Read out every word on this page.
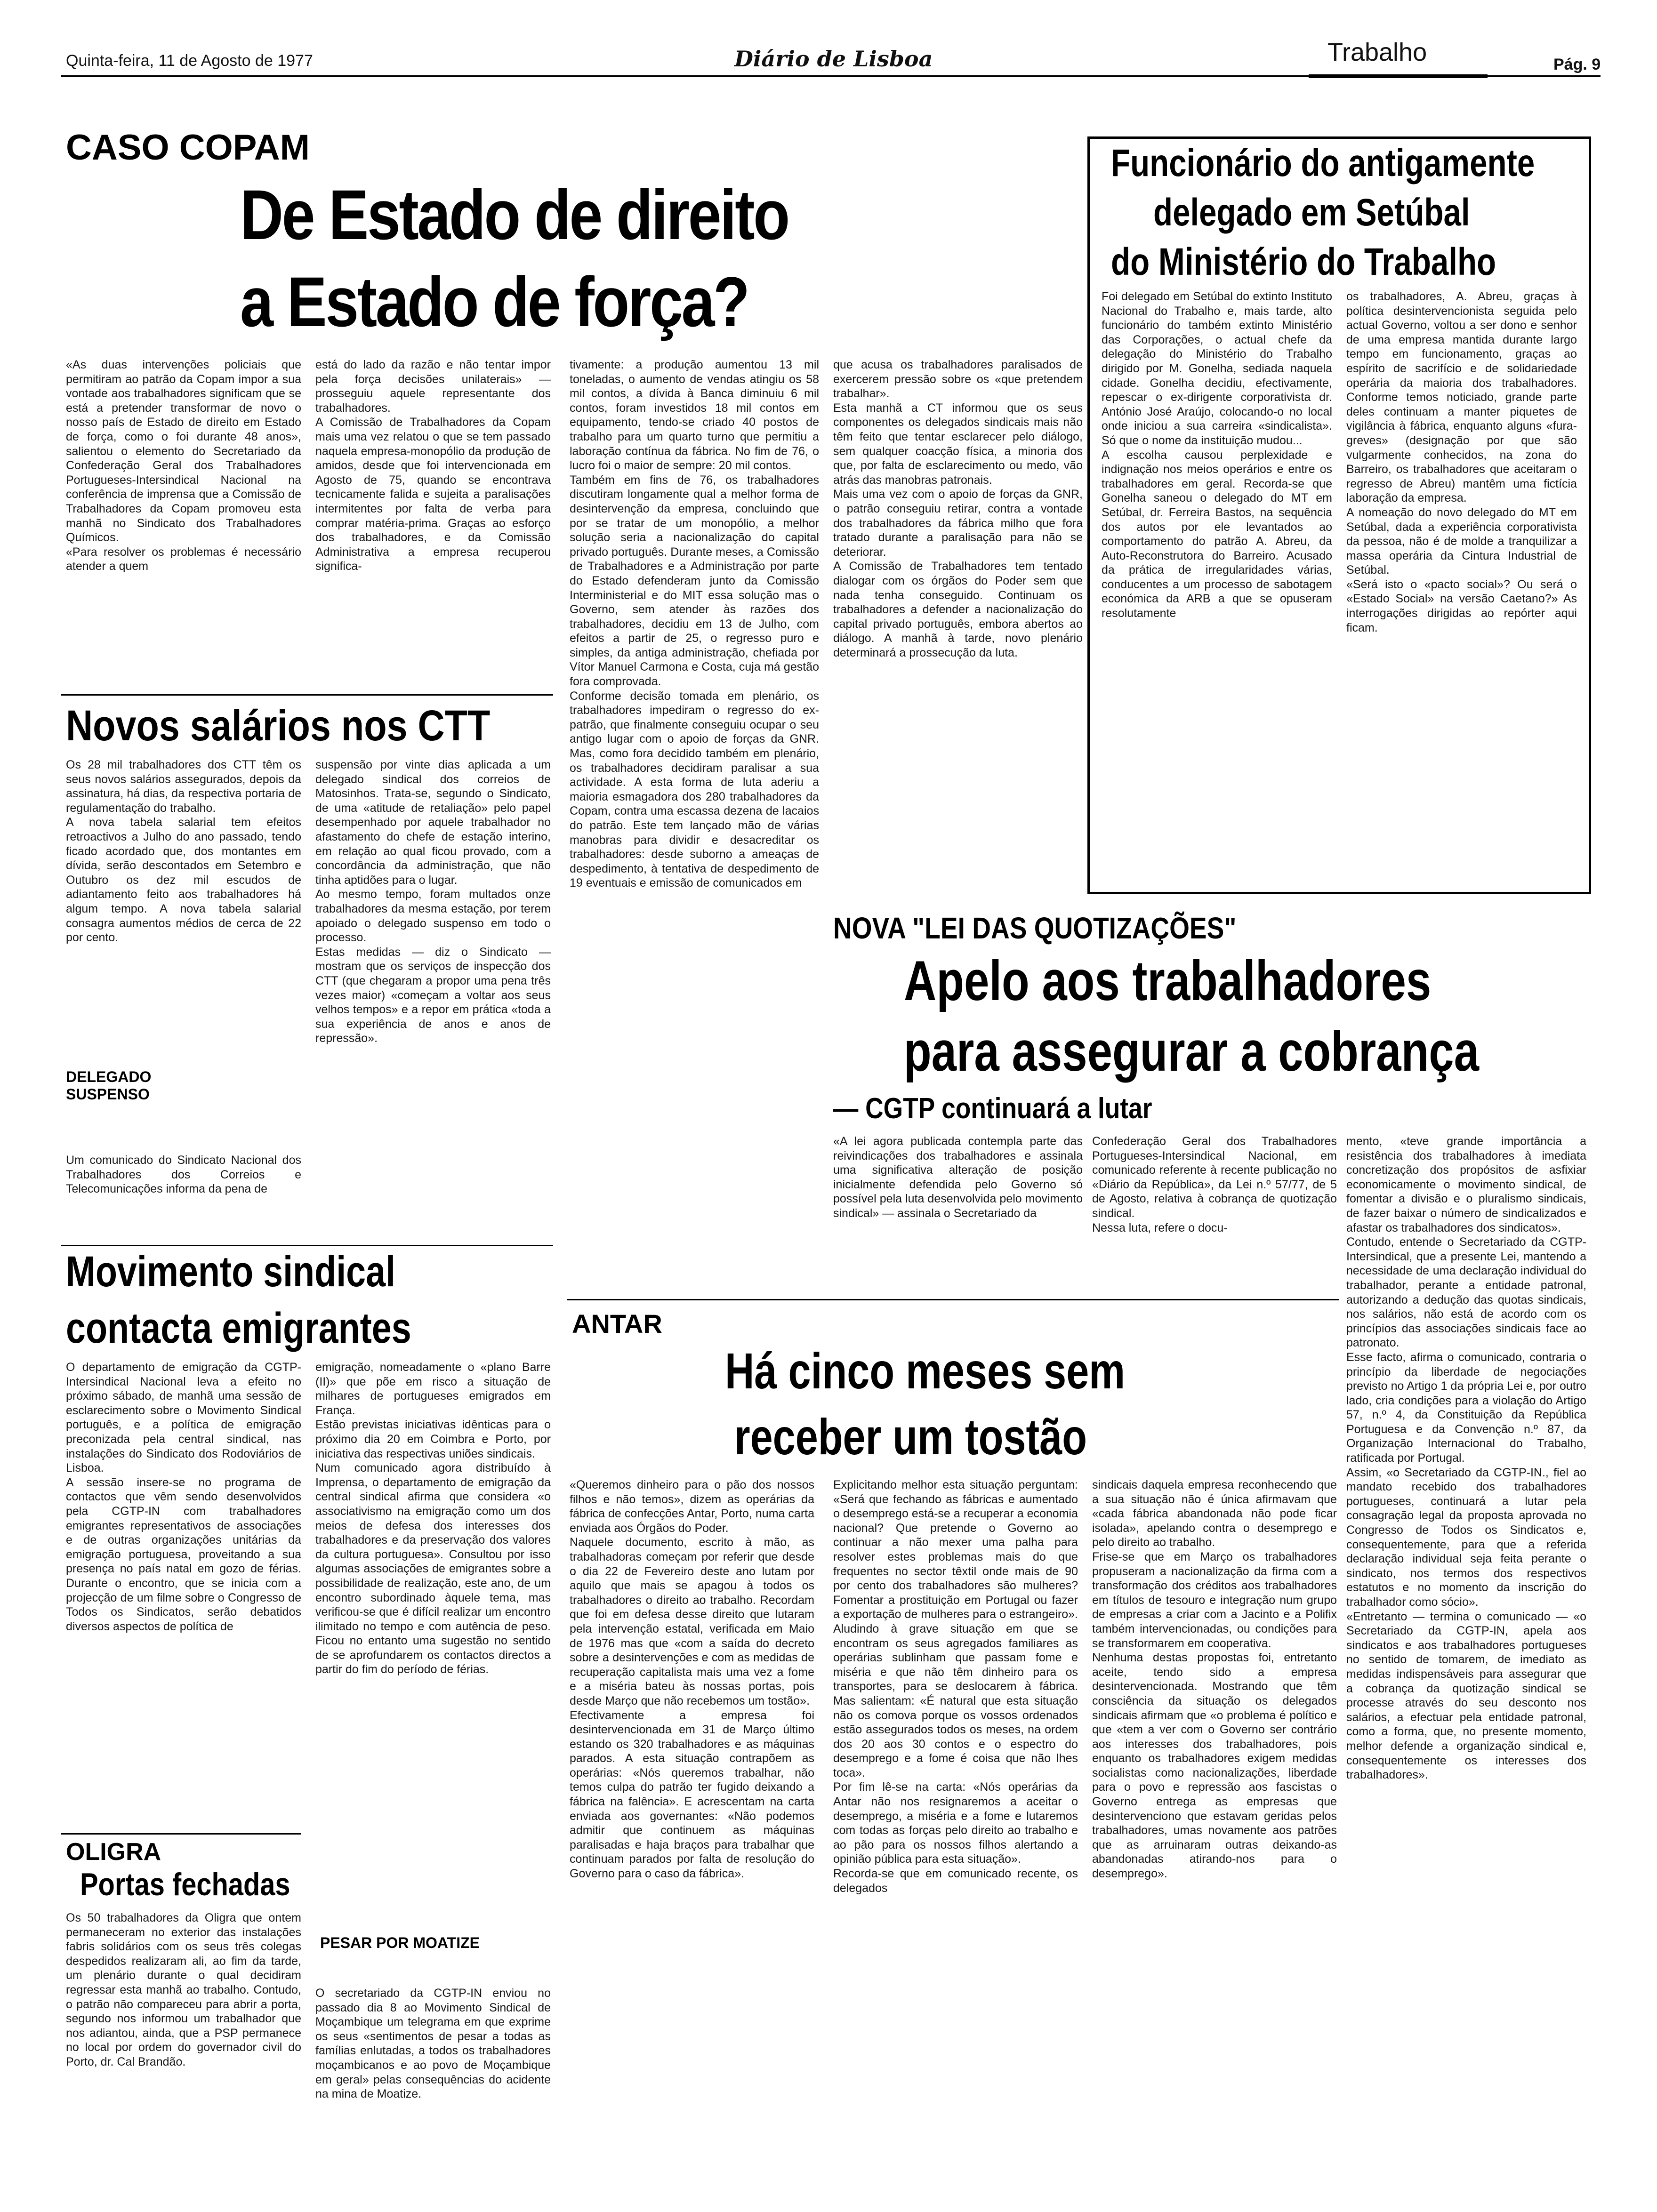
Quinta-feira, 11 de Agosto de 1977	Diário de Lisboa	Trabalho	Pág. 9
CASO COPAM
De Estado de direito
a Estado de força?
«As duas intervenções policiais que permitiram ao patrão da Copam impor a sua vontade aos trabalhadores significam que se está a pretender transformar de novo o nosso país de Estado de direito em Estado de força, como o foi durante 48 anos», salientou o elemento do Secretariado da Confederação Geral dos Trabalhadores Portugueses-Intersindical Nacional na conferência de imprensa que a Comissão de Trabalhadores da Copam promoveu esta manhã no Sindicato dos Trabalhadores Químicos.
«Para resolver os problemas é necessário atender a quem
está do lado da razão e não tentar impor pela força decisões unilaterais» — prosseguiu aquele representante dos trabalhadores.
A Comissão de Trabalhadores da Copam mais uma vez relatou o que se tem passado naquela empresa-monopólio da produção de amidos, desde que foi intervencionada em Agosto de 75, quando se encontrava tecnicamente falida e sujeita a paralisações intermitentes por falta de verba para comprar matéria-prima. Graças ao esforço dos trabalhadores, e da Comissão Administrativa a empresa recuperou significa-
tivamente: a produção aumentou 13 mil toneladas, o aumento de vendas atingiu os 58 mil contos, a dívida à Banca diminuiu 6 mil contos, foram investidos 18 mil contos em equipamento, tendo-se criado 40 postos de trabalho para um quarto turno que permitiu a laboração contínua da fábrica. No fim de 76, o lucro foi o maior de sempre: 20 mil contos.
Também em fins de 76, os trabalhadores discutiram longamente qual a melhor forma de desintervenção da empresa, concluindo que por se tratar de um monopólio, a melhor solução seria a nacionalização do capital privado português. Durante meses, a Comissão de Trabalhadores e a Administração por parte do Estado defenderam junto da Comissão Interministerial e do MIT essa solução mas o Governo, sem atender às razões dos trabalhadores, decidiu em 13 de Julho, com efeitos a partir de 25, o regresso puro e simples, da antiga administração, chefiada por Vítor Manuel Carmona e Costa, cuja má gestão fora comprovada.
Conforme decisão tomada em plenário, os trabalhadores impediram o regresso do ex-patrão, que finalmente conseguiu ocupar o seu antigo lugar com o apoio de forças da GNR. Mas, como fora decidido também em plenário, os trabalhadores decidiram paralisar a sua actividade. A esta forma de luta aderiu a maioria esmagadora dos 280 trabalhadores da Copam, contra uma escassa dezena de lacaios do patrão. Este tem lançado mão de várias manobras para dividir e desacreditar os trabalhadores: desde suborno a ameaças de despedimento, à tentativa de despedimento de 19 eventuais e emissão de comunicados em
que acusa os trabalhadores paralisados de exercerem pressão sobre os «que pretendem trabalhar».
Esta manhã a CT informou que os seus componentes os delegados sindicais mais não têm feito que tentar esclarecer pelo diálogo, sem qualquer coacção física, a minoria dos que, por falta de esclarecimento ou medo, vão atrás das manobras patronais.
Mais uma vez com o apoio de forças da GNR, o patrão conseguiu retirar, contra a vontade dos trabalhadores da fábrica milho que fora tratado durante a paralisação para não se deteriorar.
A Comissão de Trabalhadores tem tentado dialogar com os órgãos do Poder sem que nada tenha conseguido. Continuam os trabalhadores a defender a nacionalização do capital privado português, embora abertos ao diálogo. A manhã à tarde, novo plenário determinará a prossecução da luta.
Funcionário do antigamente
delegado em Setúbal
do Ministério do Trabalho
Foi delegado em Setúbal do extinto Instituto Nacional do Trabalho e, mais tarde, alto funcionário do também extinto Ministério das Corporações, o actual chefe da delegação do Ministério do Trabalho dirigido por M. Gonelha, sediada naquela cidade. Gonelha decidiu, efectivamente, repescar o ex-dirigente corporativista dr. António José Araújo, colocando-o no local onde iniciou a sua carreira «sindicalista». Só que o nome da instituição mudou...
A escolha causou perplexidade e indignação nos meios operários e entre os trabalhadores em geral. Recorda-se que Gonelha saneou o delegado do MT em Setúbal, dr. Ferreira Bastos, na sequência dos autos por ele levantados ao comportamento do patrão A. Abreu, da Auto-Reconstrutora do Barreiro. Acusado da prática de irregularidades várias, conducentes a um processo de sabotagem económica da ARB a que se opuseram resolutamente
os trabalhadores, A. Abreu, graças à política desintervencionista seguida pelo actual Governo, voltou a ser dono e senhor de uma empresa mantida durante largo tempo em funcionamento, graças ao espírito de sacrifício e de solidariedade operária da maioria dos trabalhadores. Conforme temos noticiado, grande parte deles continuam a manter piquetes de vigilância à fábrica, enquanto alguns «fura-greves» (designação por que são vulgarmente conhecidos, na zona do Barreiro, os trabalhadores que aceitaram o regresso de Abreu) mantêm uma fictícia laboração da empresa.
A nomeação do novo delegado do MT em Setúbal, dada a experiência corporativista da pessoa, não é de molde a tranquilizar a massa operária da Cintura Industrial de Setúbal.
«Será isto o «pacto social»? Ou será o «Estado Social» na versão Caetano?» As interrogações dirigidas ao repórter aqui ficam.
Novos salários nos CTT
Os 28 mil trabalhadores dos CTT têm os seus novos salários assegurados, depois da assinatura, há dias, da respectiva portaria de regulamentação do trabalho.
A nova tabela salarial tem efeitos retroactivos a Julho do ano passado, tendo ficado acordado que, dos montantes em dívida, serão descontados em Setembro e Outubro os dez mil escudos de adiantamento feito aos trabalhadores há algum tempo. A nova tabela salarial consagra aumentos médios de cerca de 22 por cento.
DELEGADO
SUSPENSO
Um comunicado do Sindicato Nacional dos Trabalhadores dos Correios e Telecomunicações informa da pena de
suspensão por vinte dias aplicada a um delegado sindical dos correios de Matosinhos. Trata-se, segundo o Sindicato, de uma «atitude de retaliação» pelo papel desempenhado por aquele trabalhador no afastamento do chefe de estação interino, em relação ao qual ficou provado, com a concordância da administração, que não tinha aptidões para o lugar.
Ao mesmo tempo, foram multados onze trabalhadores da mesma estação, por terem apoiado o delegado suspenso em todo o processo.
Estas medidas — diz o Sindicato — mostram que os serviços de inspecção dos CTT (que chegaram a propor uma pena três vezes maior) «começam a voltar aos seus velhos tempos» e a repor em prática «toda a sua experiência de anos e anos de repressão».
NOVA "LEI DAS QUOTIZAÇÕES"
Apelo aos trabalhadores
para assegurar a cobrança
— CGTP continuará a lutar
«A lei agora publicada contempla parte das reivindicações dos trabalhadores e assinala uma significativa alteração de posição inicialmente defendida pelo Governo só possível pela luta desenvolvida pelo movimento sindical» — assinala o Secretariado da
Confederação Geral dos Trabalhadores Portugueses-Intersindical Nacional, em comunicado referente à recente publicação no «Diário da República», da Lei n.º 57/77, de 5 de Agosto, relativa à cobrança de quotização sindical.
Nessa luta, refere o docu-
mento, «teve grande importância a resistência dos trabalhadores à imediata concretização dos propósitos de asfixiar economicamente o movimento sindical, de fomentar a divisão e o pluralismo sindicais, de fazer baixar o número de sindicalizados e afastar os trabalhadores dos sindicatos».
Contudo, entende o Secretariado da CGTP-Intersindical, que a presente Lei, mantendo a necessidade de uma declaração individual do trabalhador, perante a entidade patronal, autorizando a dedução das quotas sindicais, nos salários, não está de acordo com os princípios das associações sindicais face ao patronato.
Esse facto, afirma o comunicado, contraria o princípio da liberdade de negociações previsto no Artigo 1 da própria Lei e, por outro lado, cria condições para a violação do Artigo 57, n.º 4, da Constituição da República Portuguesa e da Convenção n.º 87, da Organização Internacional do Trabalho, ratificada por Portugal.
Assim, «o Secretariado da CGTP-IN., fiel ao mandato recebido dos trabalhadores portugueses, continuará a lutar pela consagração legal da proposta aprovada no Congresso de Todos os Sindicatos e, consequentemente, para que a referida declaração individual seja feita perante o sindicato, nos termos dos respectivos estatutos e no momento da inscrição do trabalhador como sócio».
«Entretanto — termina o comunicado — «o Secretariado da CGTP-IN, apela aos sindicatos e aos trabalhadores portugueses no sentido de tomarem, de imediato as medidas indispensáveis para assegurar que a cobrança da quotização sindical se processe através do seu desconto nos salários, a efectuar pela entidade patronal, como a forma, que, no presente momento, melhor defende a organização sindical e, consequentemente os interesses dos trabalhadores».
Movimento sindical
contacta emigrantes
O departamento de emigração da CGTP-Intersindical Nacional leva a efeito no próximo sábado, de manhã uma sessão de esclarecimento sobre o Movimento Sindical português, e a política de emigração preconizada pela central sindical, nas instalações do Sindicato dos Rodoviários de Lisboa.
A sessão insere-se no programa de contactos que vêm sendo desenvolvidos pela CGTP-IN com trabalhadores emigrantes representativos de associações e de outras organizações unitárias da emigração portuguesa, proveitando a sua presença no país natal em gozo de férias. Durante o encontro, que se inicia com a projecção de um filme sobre o Congresso de Todos os Sindicatos, serão debatidos diversos aspectos de política de
emigração, nomeadamente o «plano Barre (II)» que põe em risco a situação de milhares de portugueses emigrados em França.
Estão previstas iniciativas idênticas para o próximo dia 20 em Coimbra e Porto, por iniciativa das respectivas uniões sindicais.
Num comunicado agora distribuído à Imprensa, o departamento de emigração da central sindical afirma que considera «o associativismo na emigração como um dos meios de defesa dos interesses dos trabalhadores e da preservação dos valores da cultura portuguesa». Consultou por isso algumas associações de emigrantes sobre a possibilidade de realização, este ano, de um encontro subordinado àquele tema, mas verificou-se que é difícil realizar um encontro ilimitado no tempo e com autência de peso. Ficou no entanto uma sugestão no sentido de se aprofundarem os contactos directos a partir do fim do período de férias.
OLIGRA
Portas fechadas
Os 50 trabalhadores da Oligra que ontem permaneceram no exterior das instalações fabris solidários com os seus três colegas despedidos realizaram ali, ao fim da tarde, um plenário durante o qual decidiram regressar esta manhã ao trabalho. Contudo, o patrão não compareceu para abrir a porta, segundo nos informou um trabalhador que nos adiantou, ainda, que a PSP permanece no local por ordem do governador civil do Porto, dr. Cal Brandão.
PESAR POR MOATIZE
O secretariado da CGTP-IN enviou no passado dia 8 ao Movimento Sindical de Moçambique um telegrama em que exprime os seus «sentimentos de pesar a todas as famílias enlutadas, a todos os trabalhadores moçambicanos e ao povo de Moçambique em geral» pelas consequências do acidente na mina de Moatize.
ANTAR
Há cinco meses sem
receber um tostão
«Queremos dinheiro para o pão dos nossos filhos e não temos», dizem as operárias da fábrica de confecções Antar, Porto, numa carta enviada aos Órgãos do Poder.
Naquele documento, escrito à mão, as trabalhadoras começam por referir que desde o dia 22 de Fevereiro deste ano lutam por aquilo que mais se apagou à todos os trabalhadores o direito ao trabalho. Recordam que foi em defesa desse direito que lutaram pela intervenção estatal, verificada em Maio de 1976 mas que «com a saída do decreto sobre a desintervenções e com as medidas de recuperação capitalista mais uma vez a fome e a miséria bateu às nossas portas, pois desde Março que não recebemos um tostão».
Efectivamente a empresa foi desintervencionada em 31 de Março último estando os 320 trabalhadores e as máquinas parados. A esta situação contrapõem as operárias: «Nós queremos trabalhar, não temos culpa do patrão ter fugido deixando a fábrica na falência». E acrescentam na carta enviada aos governantes: «Não podemos admitir que continuem as máquinas paralisadas e haja braços para trabalhar que continuam parados por falta de resolução do Governo para o caso da fábrica».
Explicitando melhor esta situação perguntam: «Será que fechando as fábricas e aumentado o desemprego está-se a recuperar a economia nacional? Que pretende o Governo ao continuar a não mexer uma palha para resolver estes problemas mais do que frequentes no sector têxtil onde mais de 90 por cento dos trabalhadores são mulheres? Fomentar a prostituição em Portugal ou fazer a exportação de mulheres para o estrangeiro». Aludindo à grave situação em que se encontram os seus agregados familiares as operárias sublinham que passam fome e miséria e que não têm dinheiro para os transportes, para se deslocarem à fábrica. Mas salientam: «É natural que esta situação não os comova porque os vossos ordenados estão assegurados todos os meses, na ordem dos 20 aos 30 contos e o espectro do desemprego e a fome é coisa que não lhes toca».
Por fim lê-se na carta: «Nós operárias da Antar não nos resignaremos a aceitar o desemprego, a miséria e a fome e lutaremos com todas as forças pelo direito ao trabalho e ao pão para os nossos filhos alertando a opinião pública para esta situação».
Recorda-se que em comunicado recente, os delegados
sindicais daquela empresa reconhecendo que a sua situação não é única afirmavam que «cada fábrica abandonada não pode ficar isolada», apelando contra o desemprego e pelo direito ao trabalho.
Frise-se que em Março os trabalhadores propuseram a nacionalização da firma com a transformação dos créditos aos trabalhadores em títulos de tesouro e integração num grupo de empresas a criar com a Jacinto e a Polifix também intervencionadas, ou condições para se transformarem em cooperativa.
Nenhuma destas propostas foi, entretanto aceite, tendo sido a empresa desintervencionada. Mostrando que têm consciência da situação os delegados sindicais afirmam que «o problema é político e que «tem a ver com o Governo ser contrário aos interesses dos trabalhadores, pois enquanto os trabalhadores exigem medidas socialistas como nacionalizações, liberdade para o povo e repressão aos fascistas o Governo entrega as empresas que desintervenciono que estavam geridas pelos trabalhadores, umas novamente aos patrões que as arruinaram outras deixando-as abandonadas atirando-nos para o desemprego».
